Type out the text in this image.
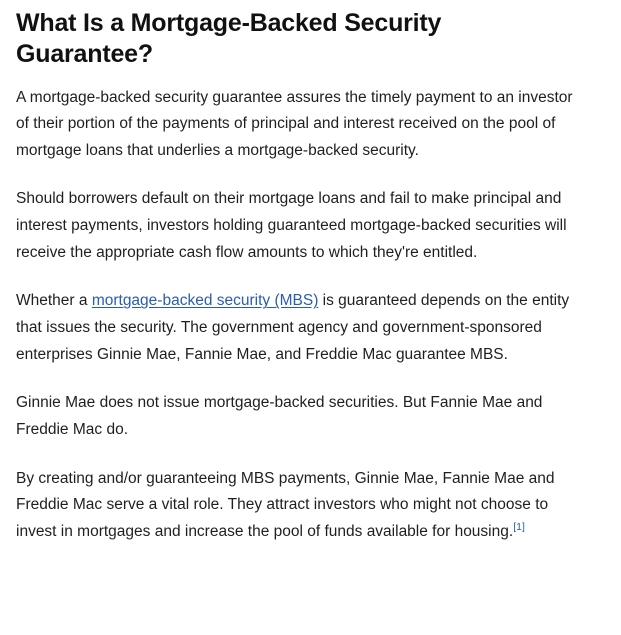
What Is a Mortgage-Backed Security Guarantee?

A mortgage-backed security guarantee assures the timely payment to an investor of their portion of the payments of principal and interest received on the pool of mortgage loans that underlies a mortgage-backed security.

Should borrowers default on their mortgage loans and fail to make principal and interest payments, investors holding guaranteed mortgage-backed securities will receive the appropriate cash flow amounts to which they're entitled.

Whether a mortgage-backed security (MBS) is guaranteed depends on the entity that issues the security. The government agency and government-sponsored enterprises Ginnie Mae, Fannie Mae, and Freddie Mac guarantee MBS.

Ginnie Mae does not issue mortgage-backed securities. But Fannie Mae and Freddie Mac do.

By creating and/or guaranteeing MBS payments, Ginnie Mae, Fannie Mae and Freddie Mac serve a vital role. They attract investors who might not choose to invest in mortgages and increase the pool of funds available for housing.[1]
